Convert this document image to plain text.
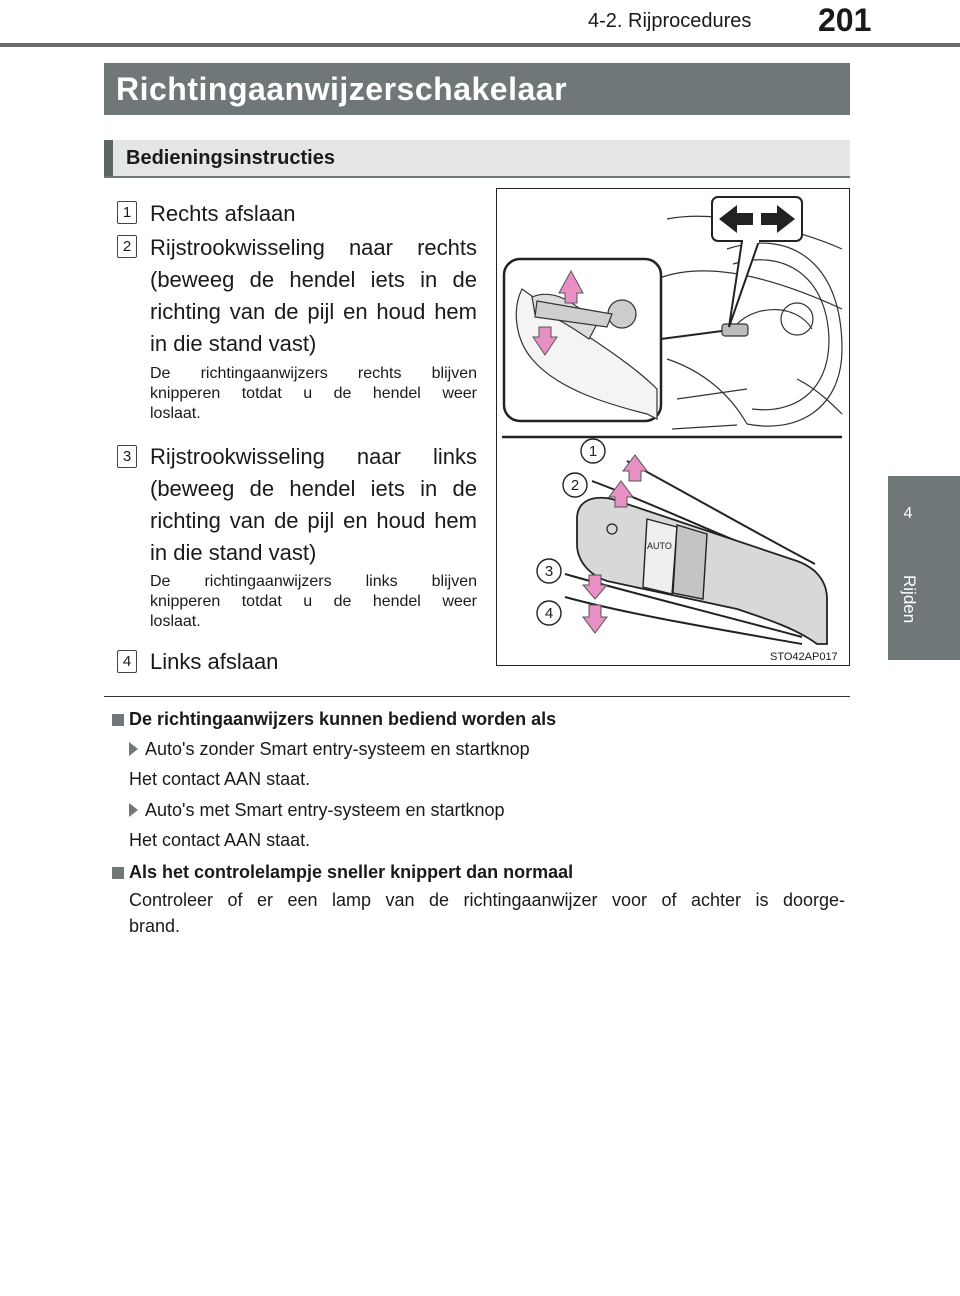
4-2. Rijprocedures 201
4
Rijden
Richtingaanwijzerschakelaar
Bedieningsinstructies
1 Rechts afslaan
2 Rijstrookwisseling naar rechts
(beweeg de hendel iets in de
richting van de pijl en houd hem
in die stand vast)
De richtingaanwijzers rechts blijven
knipperen totdat u de hendel weer
loslaat.
3 Rijstrookwisseling naar links
(beweeg de hendel iets in de
richting van de pijl en houd hem
in die stand vast)
De richtingaanwijzers links blijven
knipperen totdat u de hendel weer
loslaat.
4 Links afslaan
AUTO
1
2
3
4
STO42AP017
De richtingaanwijzers kunnen bediend worden als
Auto's zonder Smart entry-systeem en startknop
Het contact AAN staat.
Auto's met Smart entry-systeem en startknop
Het contact AAN staat.
Als het controlelampje sneller knippert dan normaal
Controleer of er een lamp van de richtingaanwijzer voor of achter is doorge-
brand.
